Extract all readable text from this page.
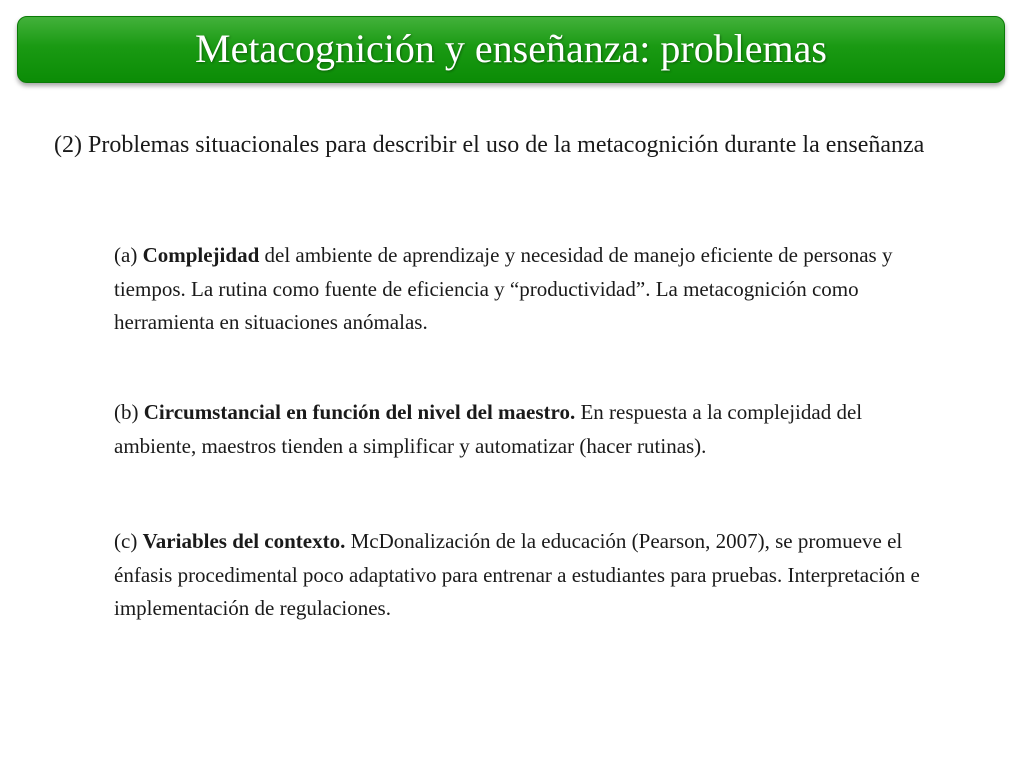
Metacognición y enseñanza: problemas
(2) Problemas situacionales para describir el uso de la metacognición durante la enseñanza
(a) Complejidad del ambiente de aprendizaje y necesidad de manejo eficiente de personas y tiempos. La rutina como fuente de eficiencia y “productividad”. La metacognición como herramienta en situaciones anómalas.
(b) Circumstancial en función del nivel del maestro. En respuesta a la complejidad del ambiente, maestros tienden a simplificar y automatizar (hacer rutinas).
(c) Variables del contexto. McDonalización de la educación (Pearson, 2007), se promueve el énfasis procedimental poco adaptativo para entrenar a estudiantes para pruebas. Interpretación e implementación de regulaciones.
